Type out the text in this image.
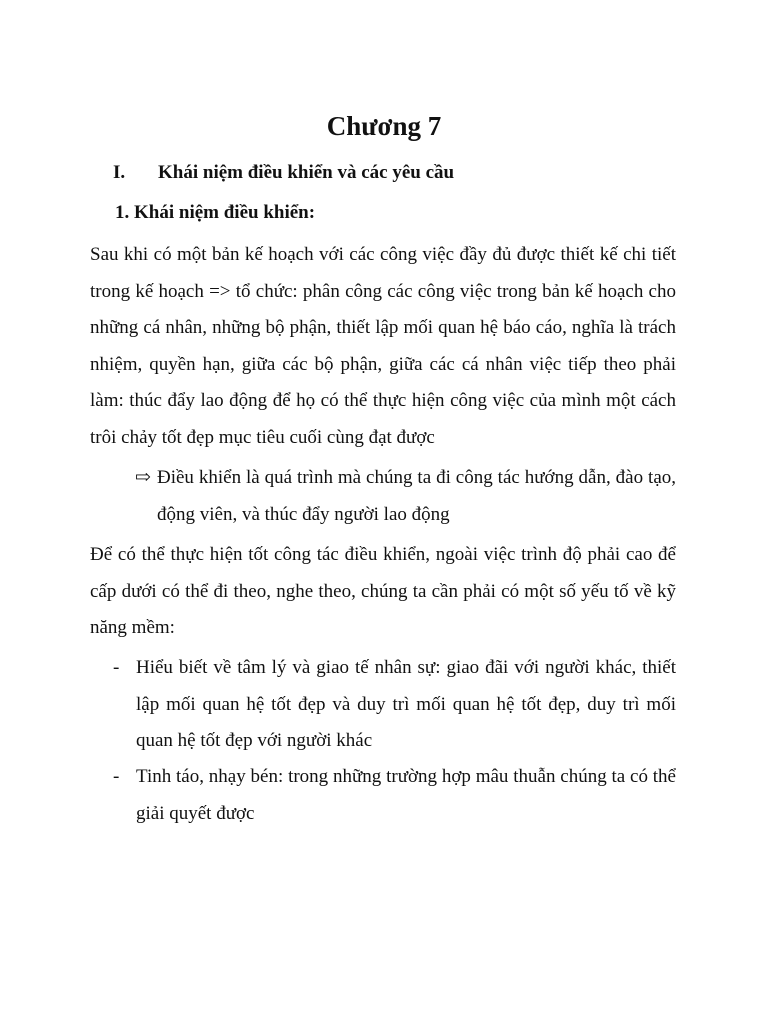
Chương 7
I. Khái niệm điều khiển và các yêu cầu
1. Khái niệm điều khiển:
Sau khi có một bản kế hoạch với các công việc đầy đủ được thiết kế chi tiết trong kế hoạch => tổ chức: phân công các công việc trong bản kế hoạch cho những cá nhân, những bộ phận, thiết lập mối quan hệ báo cáo, nghĩa là trách nhiệm, quyền hạn, giữa các bộ phận, giữa các cá nhân việc tiếp theo phải làm: thúc đẩy lao động để họ có thể thực hiện công việc của mình một cách trôi chảy tốt đẹp mục tiêu cuối cùng đạt được
⇨ Điều khiển là quá trình mà chúng ta đi công tác hướng dẫn, đào tạo, động viên, và thúc đẩy người lao động
Để có thể thực hiện tốt công tác điều khiển, ngoài việc trình độ phải cao để cấp dưới có thể đi theo, nghe theo, chúng ta cần phải có một số yếu tố về kỹ năng mềm:
- Hiểu biết về tâm lý và giao tế nhân sự: giao đãi với người khác, thiết lập mối quan hệ tốt đẹp và duy trì mối quan hệ tốt đẹp, duy trì mối quan hệ tốt đẹp với người khác
- Tinh táo, nhạy bén: trong những trường hợp mâu thuẫn chúng ta có thể giải quyết được
